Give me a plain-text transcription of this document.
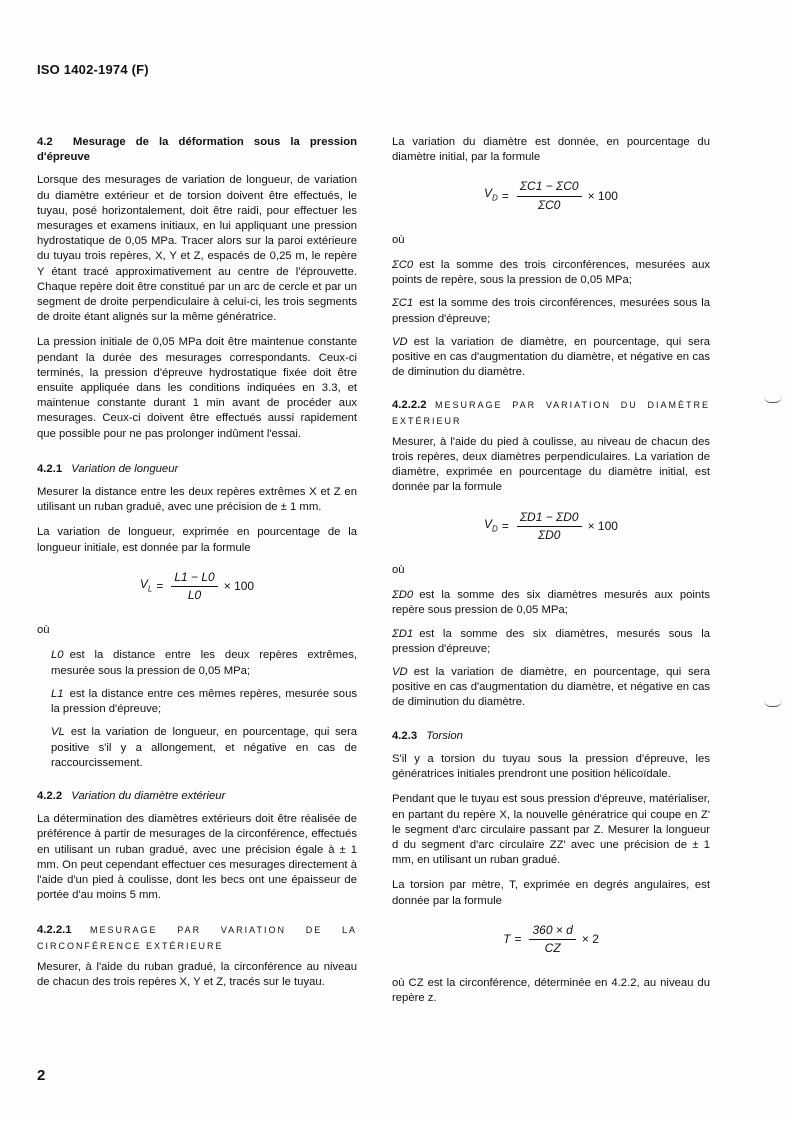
ISO 1402-1974 (F)

4.2 Mesurage de la déformation sous la pression d'épreuve

Lorsque des mesurages de variation de longueur, de variation du diamètre extérieur et de torsion doivent être effectués, le tuyau, posé horizontalement, doit être raidi, pour effectuer les mesurages et examens initiaux, en lui appliquant une pression hydrostatique de 0,05 MPa. Tracer alors sur la paroi extérieure du tuyau trois repères, X, Y et Z, espacés de 0,25 m, le repère Y étant tracé approximativement au centre de l'éprouvette. Chaque repère doit être constitué par un arc de cercle et par un segment de droite perpendiculaire à celui-ci, les trois segments de droite étant alignés sur la même génératrice.

La pression initiale de 0,05 MPa doit être maintenue constante pendant la durée des mesurages correspondants. Ceux-ci terminés, la pression d'épreuve hydrostatique fixée doit être ensuite appliquée dans les conditions indiquées en 3.3, et maintenue constante durant 1 min avant de procéder aux mesurages. Ceux-ci doivent être effectués aussi rapidement que possible pour ne pas prolonger indûment l'essai.

4.2.1 Variation de longueur

Mesurer la distance entre les deux repères extrêmes X et Z en utilisant un ruban gradué, avec une précision de ± 1 mm.

La variation de longueur, exprimée en pourcentage de la longueur initiale, est donnée par la formule

$V_L = \frac{L1 - L0}{L0} \times 100$

où

L0 est la distance entre les deux repères extrêmes, mesurée sous la pression de 0,05 MPa;

L1 est la distance entre ces mêmes repères, mesurée sous la pression d'épreuve;

VL est la variation de longueur, en pourcentage, qui sera positive s'il y a allongement, et négative en cas de raccourcissement.

4.2.2 Variation du diamètre extérieur

La détermination des diamètres extérieurs doit être réalisée de préférence à partir de mesurages de la circonférence, effectués en utilisant un ruban gradué, avec une précision égale à ± 1 mm. On peut cependant effectuer ces mesurages directement à l'aide d'un pied à coulisse, dont les becs ont une épaisseur de portée d'au moins 5 mm.

4.2.2.1 MESURAGE PAR VARIATION DE LA CIRCONFÉRENCE EXTÉRIEURE

Mesurer, à l'aide du ruban gradué, la circonférence au niveau de chacun des trois repères X, Y et Z, tracés sur le tuyau.

La variation du diamètre est donnée, en pourcentage du diamètre initial, par la formule

$V_D = \frac{\Sigma C1 - \Sigma C0}{\Sigma C0} \times 100$

où

ΣC0 est la somme des trois circonférences, mesurées aux points de repère, sous la pression de 0,05 MPa;

ΣC1 est la somme des trois circonférences, mesurées sous la pression d'épreuve;

VD est la variation de diamètre, en pourcentage, qui sera positive en cas d'augmentation du diamètre, et négative en cas de diminution du diamètre.

4.2.2.2 MESURAGE PAR VARIATION DU DIAMÈTRE EXTÉRIEUR

Mesurer, à l'aide du pied à coulisse, au niveau de chacun des trois repères, deux diamètres perpendiculaires. La variation de diamètre, exprimée en pourcentage du diamètre initial, est donnée par la formule

$V_D = \frac{\Sigma D1 - \Sigma D0}{\Sigma D0} \times 100$

où

ΣD0 est la somme des six diamètres mesurés aux points repère sous pression de 0,05 MPa;

ΣD1 est la somme des six diamètres, mesurés sous la pression d'épreuve;

VD est la variation de diamètre, en pourcentage, qui sera positive en cas d'augmentation du diamètre, et négative en cas de diminution du diamètre.

4.2.3 Torsion

S'il y a torsion du tuyau sous la pression d'épreuve, les génératrices initiales prendront une position hélicoïdale.

Pendant que le tuyau est sous pression d'épreuve, matérialiser, en partant du repère X, la nouvelle génératrice qui coupe en Z' le segment d'arc circulaire passant par Z. Mesurer la longueur d du segment d'arc circulaire ZZ' avec une précision de ± 1 mm, en utilisant un ruban gradué.

La torsion par mètre, T, exprimée en degrés angulaires, est donnée par la formule

$T = \frac{360 \times d}{CZ} \times 2$

où CZ est la circonférence, déterminée en 4.2.2, au niveau du repère z.

2
